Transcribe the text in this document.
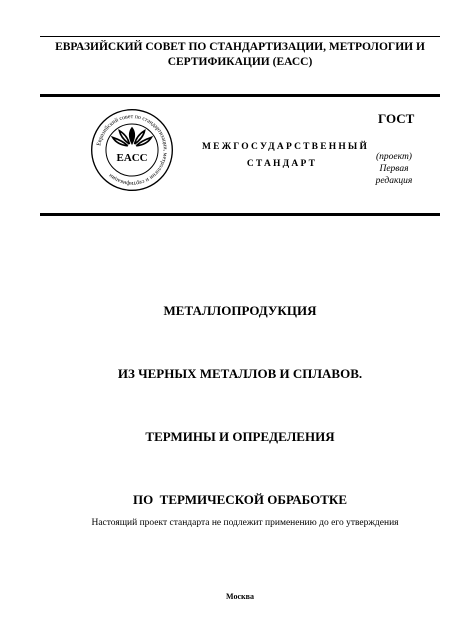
ЕВРАЗИЙСКИЙ СОВЕТ ПО СТАНДАРТИЗАЦИИ, МЕТРОЛОГИИ И
СЕРТИФИКАЦИИ (ЕАСС)
Евразийский совет по стандартизации, метрологии и сертификации
EACC
МЕЖГОСУДАРСТВЕННЫЙ
СТАНДАРТ
ГОСТ
(проект)
Первая
редакция

МЕТАЛЛОПРОДУКЦИЯ

ИЗ ЧЕРНЫХ МЕТАЛЛОВ И СПЛАВОВ.

ТЕРМИНЫ И ОПРЕДЕЛЕНИЯ

ПО  ТЕРМИЧЕСКОЙ ОБРАБОТКЕ

Настоящий проект стандарта не подлежит применению до его утверждения
Москва
